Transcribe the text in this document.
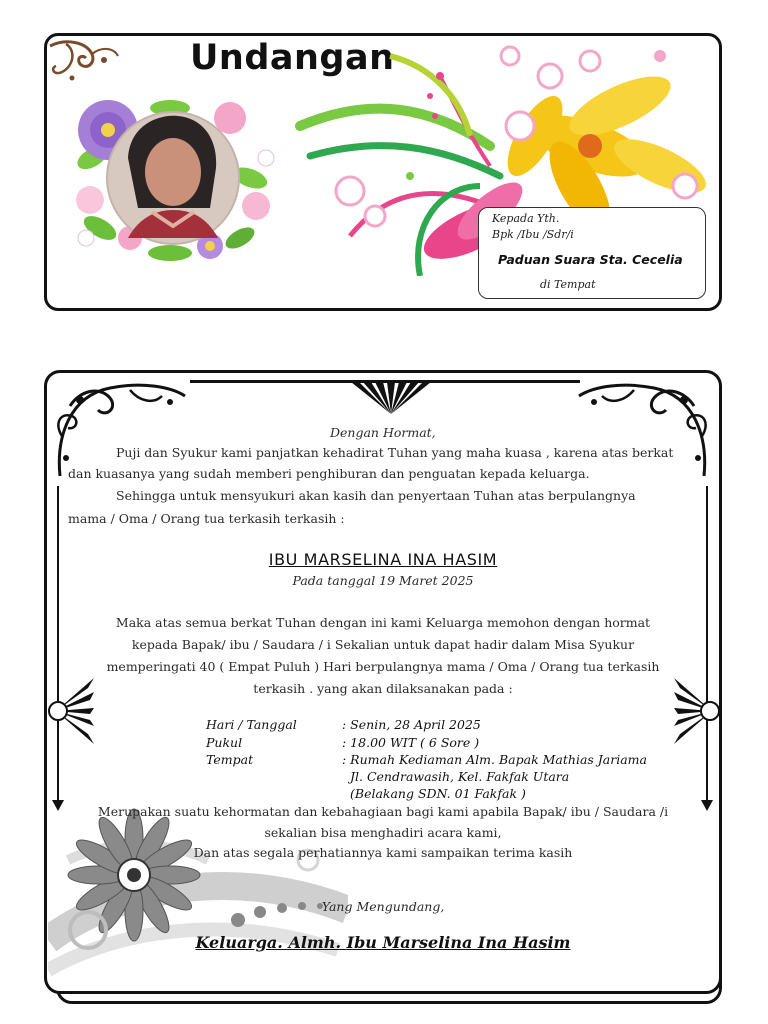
Undangan
Kepada Yth.
Bpk /Ibu /Sdr/i
Paduan Suara Sta. Cecelia
di Tempat
Dengan Hormat,
Puji dan Syukur kami panjatkan kehadirat Tuhan yang maha kuasa , karena atas berkat
dan kuasanya yang sudah memberi penghiburan dan penguatan kepada keluarga.
Sehingga untuk mensyukuri akan kasih dan penyertaan Tuhan atas berpulangnya
mama / Oma / Orang tua terkasih terkasih :
IBU MARSELINA INA HASIM
Pada tanggal 19 Maret 2025
Maka atas semua berkat Tuhan dengan ini kami Keluarga memohon dengan hormat
kepada Bapak/ ibu / Saudara / i Sekalian untuk dapat hadir dalam Misa Syukur
memperingati 40 ( Empat Puluh ) Hari berpulangnya mama / Oma / Orang tua terkasih
terkasih . yang akan dilaksanakan pada :
Hari / Tanggal	: Senin, 28 April 2025
Pukul	: 18.00 WIT ( 6 Sore )
Tempat	: Rumah Kediaman Alm. Bapak Mathias Jariama
Jl. Cendrawasih, Kel. Fakfak Utara
(Belakang SDN. 01 Fakfak )
Merupakan suatu kehormatan dan kebahagiaan bagi kami apabila Bapak/ ibu / Saudara /i
sekalian bisa menghadiri acara kami,
Dan atas segala perhatiannya kami sampaikan terima kasih
Yang Mengundang,
Keluarga. Almh. Ibu Marselina Ina Hasim
